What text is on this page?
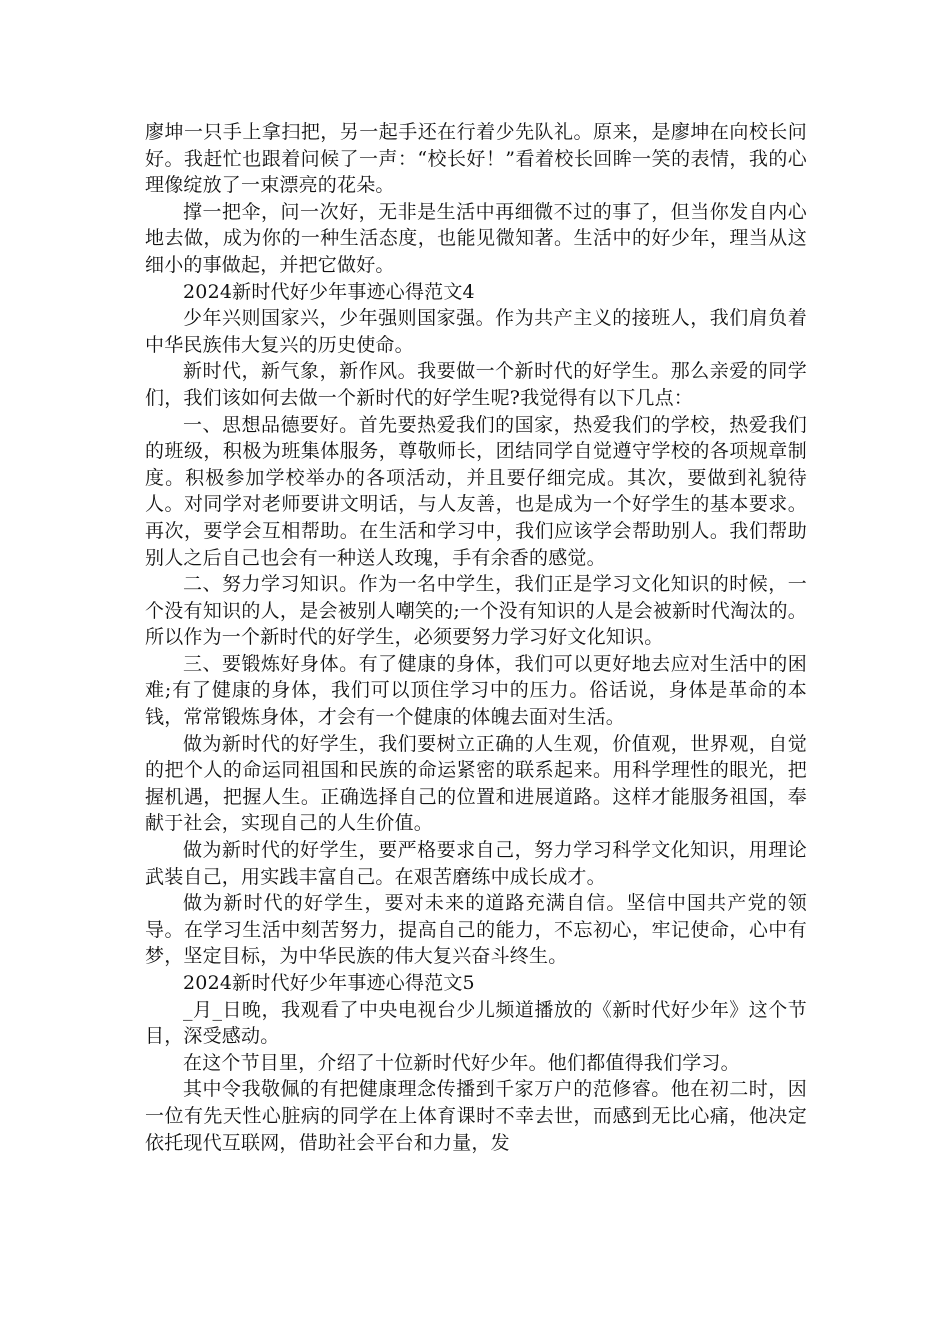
廖坤一只手上拿扫把，另一起手还在行着少先队礼。原来，是廖坤在向校长问好。我赶忙也跟着问候了一声：“校长好！”看着校长回眸一笑的表情，我的心理像绽放了一束漂亮的花朵。

撑一把伞，问一次好，无非是生活中再细微不过的事了，但当你发自内心地去做，成为你的一种生活态度，也能见微知著。生活中的好少年，理当从这细小的事做起，并把它做好。

2024新时代好少年事迹心得范文4

少年兴则国家兴，少年强则国家强。作为共产主义的接班人，我们肩负着中华民族伟大复兴的历史使命。

新时代，新气象，新作风。我要做一个新时代的好学生。那么亲爱的同学们，我们该如何去做一个新时代的好学生呢?我觉得有以下几点：

一、思想品德要好。首先要热爱我们的国家，热爱我们的学校，热爱我们的班级，积极为班集体服务，尊敬师长，团结同学自觉遵守学校的各项规章制度。积极参加学校举办的各项活动，并且要仔细完成。其次，要做到礼貌待人。对同学对老师要讲文明话，与人友善，也是成为一个好学生的基本要求。再次，要学会互相帮助。在生活和学习中，我们应该学会帮助别人。我们帮助别人之后自己也会有一种送人玫瑰，手有余香的感觉。

二、努力学习知识。作为一名中学生，我们正是学习文化知识的时候，一个没有知识的人，是会被别人嘲笑的;一个没有知识的人是会被新时代淘汰的。所以作为一个新时代的好学生，必须要努力学习好文化知识。

三、要锻炼好身体。有了健康的身体，我们可以更好地去应对生活中的困难;有了健康的身体，我们可以顶住学习中的压力。俗话说，身体是革命的本钱，常常锻炼身体，才会有一个健康的体魄去面对生活。

做为新时代的好学生，我们要树立正确的人生观，价值观，世界观，自觉的把个人的命运同祖国和民族的命运紧密的联系起来。用科学理性的眼光，把握机遇，把握人生。正确选择自己的位置和进展道路。这样才能服务祖国，奉献于社会，实现自己的人生价值。

做为新时代的好学生，要严格要求自己，努力学习科学文化知识，用理论武装自己，用实践丰富自己。在艰苦磨练中成长成才。

做为新时代的好学生，要对未来的道路充满自信。坚信中国共产党的领导。在学习生活中刻苦努力，提高自己的能力，不忘初心，牢记使命，心中有梦，坚定目标，为中华民族的伟大复兴奋斗终生。

2024新时代好少年事迹心得范文5

_月_日晚，我观看了中央电视台少儿频道播放的《新时代好少年》这个节目，深受感动。

在这个节目里，介绍了十位新时代好少年。他们都值得我们学习。

其中令我敬佩的有把健康理念传播到千家万户的范修睿。他在初二时，因一位有先天性心脏病的同学在上体育课时不幸去世，而感到无比心痛，他决定依托现代互联网，借助社会平台和力量，发
